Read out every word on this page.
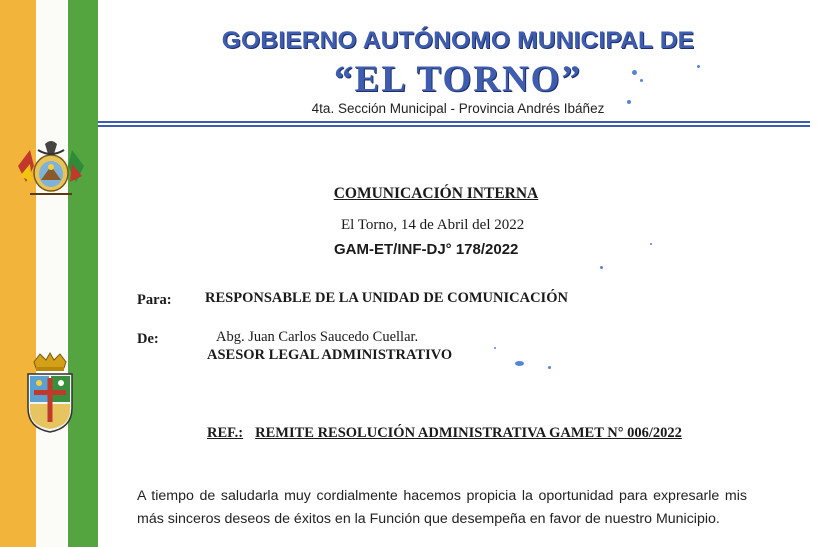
GOBIERNO AUTÓNOMO MUNICIPAL DE
“EL TORNO”
4ta. Sección Municipal - Provincia Andrés Ibáñez
COMUNICACIÓN INTERNA
El Torno, 14 de Abril del 2022
GAM-ET/INF-DJ° 178/2022
Para: RESPONSABLE DE LA UNIDAD DE COMUNICACIÓN
De:	Abg. Juan Carlos Saucedo Cuellar.
ASESOR LEGAL ADMINISTRATIVO
REF.: REMITE RESOLUCIÓN ADMINISTRATIVA GAMET N° 006/2022
A tiempo de saludarla muy cordialmente hacemos propicia la oportunidad para expresarle mis más sinceros deseos de éxitos en la Función que desempeña en favor de nuestro Municipio.
